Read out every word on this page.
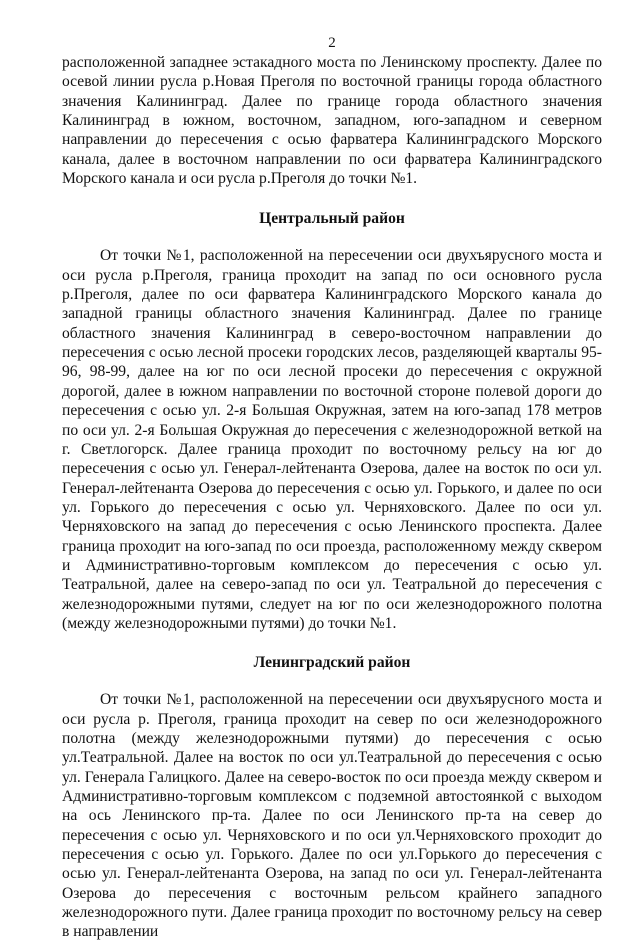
2

расположенной западнее эстакадного моста по Ленинскому проспекту. Далее по осевой линии русла р.Новая Преголя по восточной границы города областного значения Калининград. Далее по границе города областного значения Калининград в южном, восточном, западном, юго-западном и северном направлении до пересечения с осью фарватера Калининградского Морского канала, далее в восточном направлении по оси фарватера Калининградского Морского канала и оси русла р.Преголя до точки №1.

Центральный район

От точки №1, расположенной на пересечении оси двухъярусного моста и оси русла р.Преголя, граница проходит на запад по оси основного русла р.Преголя, далее по оси фарватера Калининградского Морского канала до западной границы областного значения Калининград. Далее по границе областного значения Калининград в северо-восточном направлении до пересечения с осью лесной просеки городских лесов, разделяющей кварталы 95-96, 98-99, далее на юг по оси лесной просеки до пересечения с окружной дорогой, далее в южном направлении по восточной стороне полевой дороги до пересечения с осью ул. 2-я Большая Окружная, затем на юго-запад 178 метров по оси ул. 2-я Большая Окружная до пересечения с железнодорожной веткой на г. Светлогорск. Далее граница проходит по восточному рельсу на юг до пересечения с осью ул. Генерал-лейтенанта Озерова, далее на восток по оси ул. Генерал-лейтенанта Озерова до пересечения с осью ул. Горького, и далее по оси ул. Горького до пересечения с осью ул. Черняховского. Далее по оси ул. Черняховского на запад до пересечения с осью Ленинского проспекта. Далее граница проходит на юго-запад по оси проезда, расположенному между сквером и Административно-торговым комплексом до пересечения с осью ул. Театральной, далее на северо-запад по оси ул. Театральной до пересечения с железнодорожными путями, следует на юг по оси железнодорожного полотна (между железнодорожными путями) до точки №1.

Ленинградский район

От точки №1, расположенной на пересечении оси двухъярусного моста и оси русла р. Преголя, граница проходит на север по оси железнодорожного полотна (между железнодорожными путями) до пересечения с осью ул.Театральной. Далее на восток по оси ул.Театральной до пересечения с осью ул. Генерала Галицкого. Далее на северо-восток по оси проезда между сквером и Административно-торговым комплексом с подземной автостоянкой с выходом на ось Ленинского пр-та. Далее по оси Ленинского пр-та на север до пересечения с осью ул. Черняховского и по оси ул.Черняховского проходит до пересечения с осью ул. Горького. Далее по оси ул.Горького до пересечения с осью ул. Генерал-лейтенанта Озерова, на запад по оси ул. Генерал-лейтенанта Озерова до пересечения с восточным рельсом крайнего западного железнодорожного пути. Далее граница проходит по восточному рельсу на север в направлении
